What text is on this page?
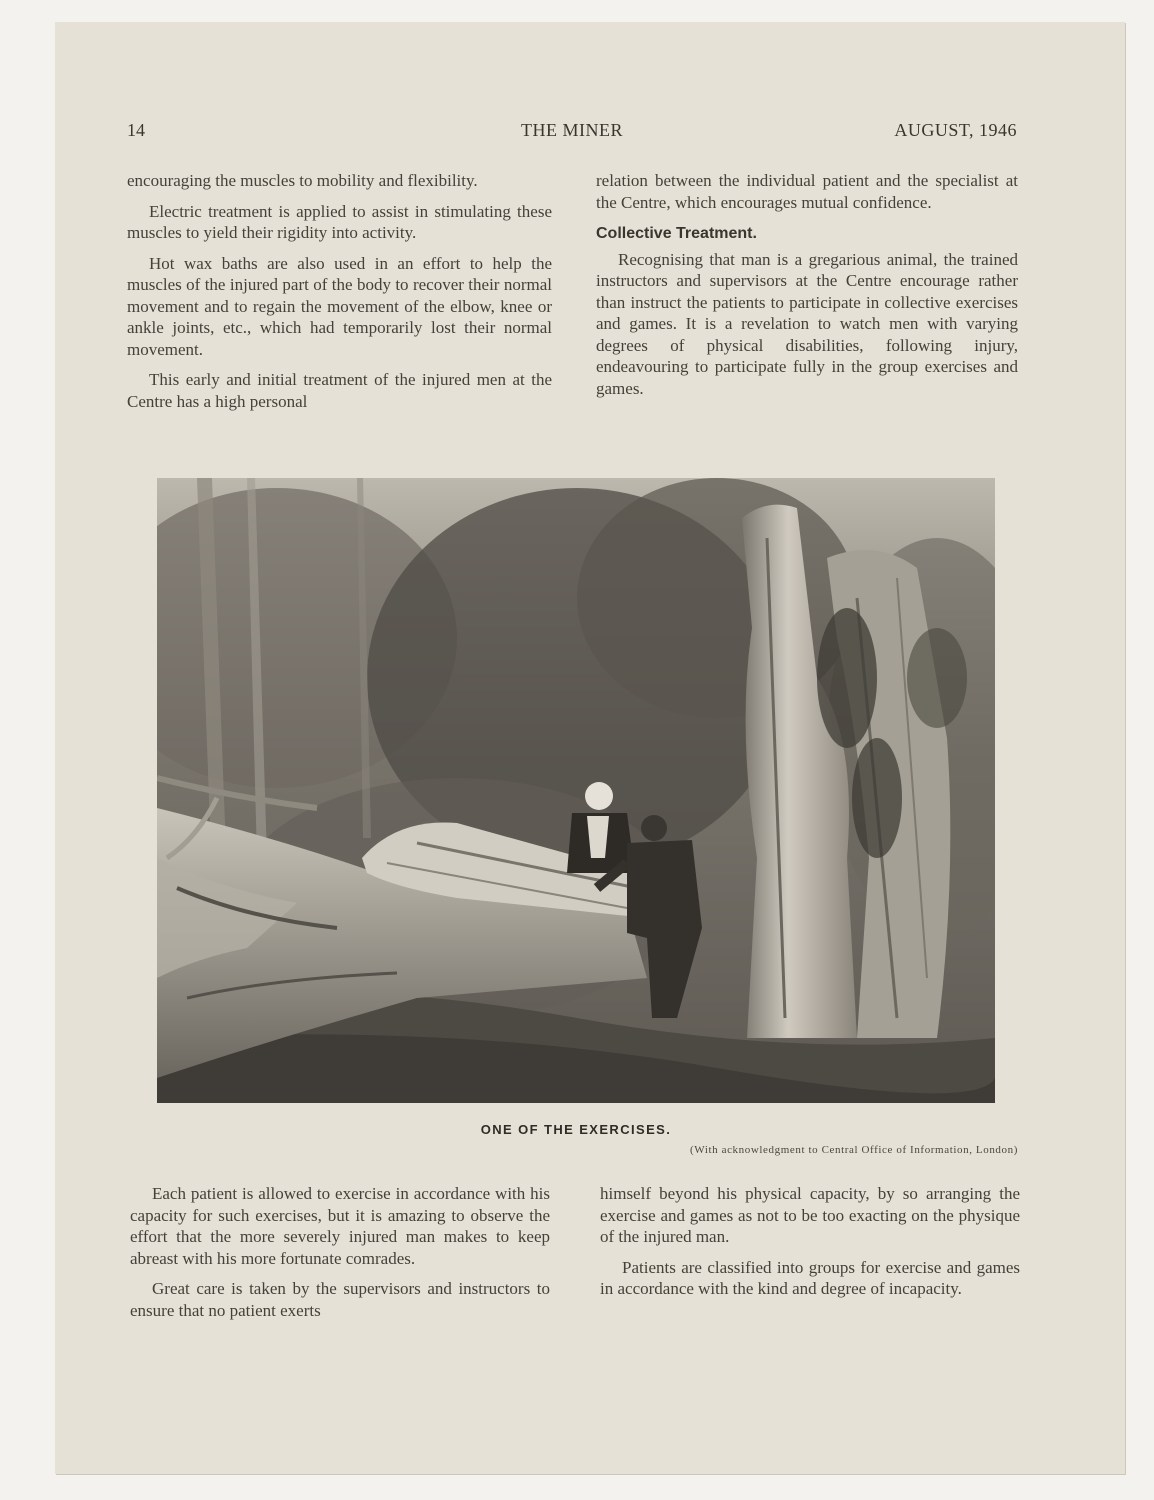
14	THE MINER	AUGUST, 1946

encouraging the muscles to mobility and flexibility.

Electric treatment is applied to assist in stimulating these muscles to yield their rigidity into activity.

Hot wax baths are also used in an effort to help the muscles of the injured part of the body to recover their normal movement and to regain the movement of the elbow, knee or ankle joints, etc., which had temporarily lost their normal movement.

This early and initial treatment of the injured men at the Centre has a high personal

relation between the individual patient and the specialist at the Centre, which encourages mutual confidence.

Collective Treatment.

Recognising that man is a gregarious animal, the trained instructors and supervisors at the Centre encourage rather than instruct the patients to participate in collective exercises and games. It is a revelation to watch men with varying degrees of physical disabilities, following injury, endeavouring to participate fully in the group exercises and games.

ONE OF THE EXERCISES.
(With acknowledgment to Central Office of Information, London)

Each patient is allowed to exercise in accordance with his capacity for such exercises, but it is amazing to observe the effort that the more severely injured man makes to keep abreast with his more fortunate comrades.

Great care is taken by the supervisors and instructors to ensure that no patient exerts

himself beyond his physical capacity, by so arranging the exercise and games as not to be too exacting on the physique of the injured man.

Patients are classified into groups for exercise and games in accordance with the kind and degree of incapacity.
